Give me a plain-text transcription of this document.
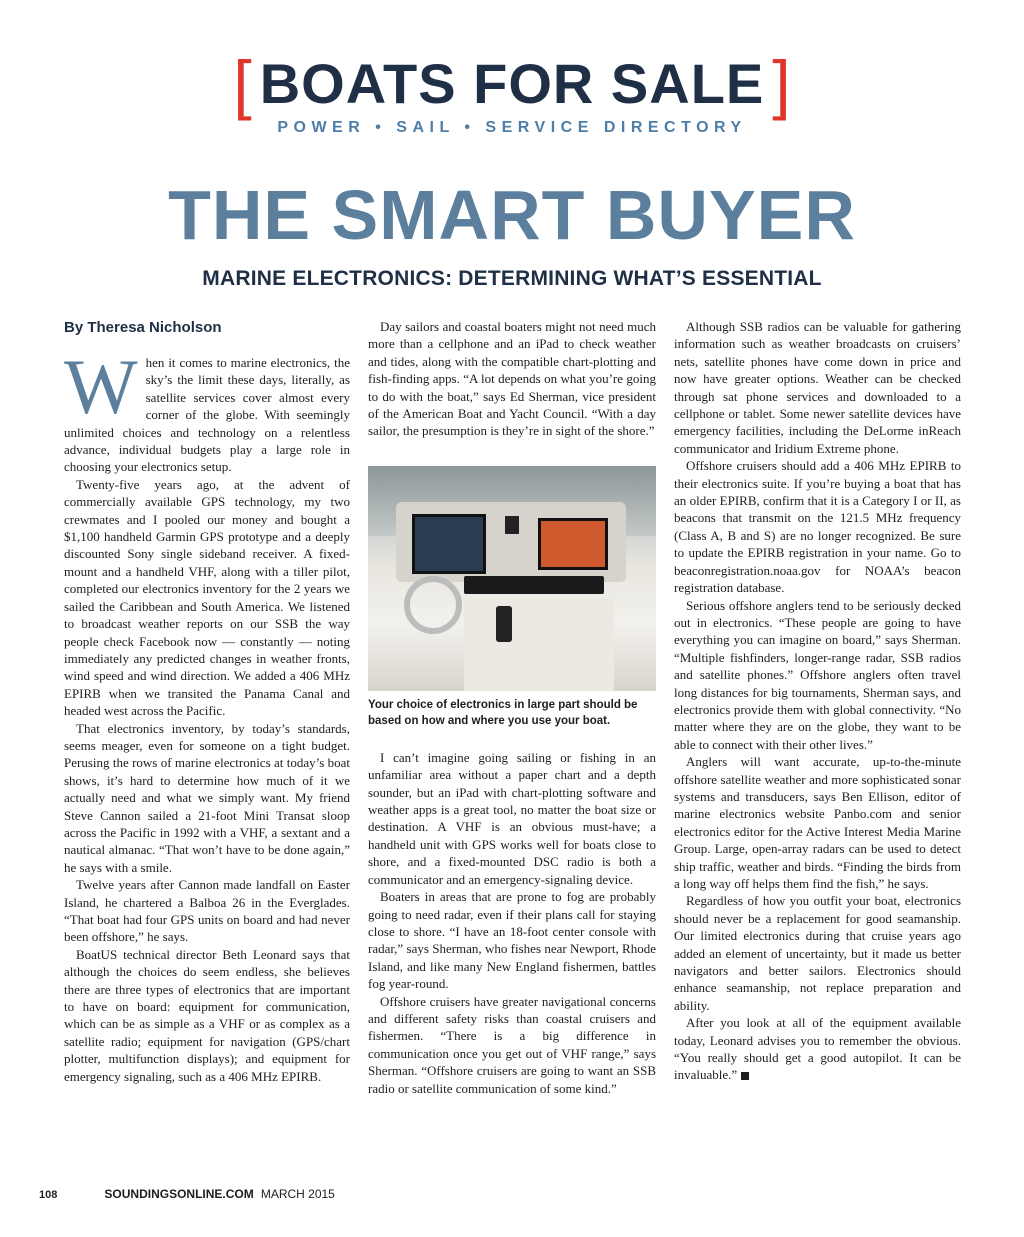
[ BOATS FOR SALE ]
POWER • SAIL • SERVICE DIRECTORY
THE SMART BUYER
MARINE ELECTRONICS: DETERMINING WHAT’S ESSENTIAL
By Theresa Nicholson

When it comes to marine electronics, the sky’s the limit these days, literally, as satellite services cover almost every corner of the globe. With seemingly unlimited choices and technology on a relentless advance, individual budgets play a large role in choosing your electronics setup.

Twenty-five years ago, at the advent of commercially available GPS technology, my two crewmates and I pooled our money and bought a $1,100 handheld Garmin GPS prototype and a deeply discounted Sony single sideband receiver. A fixed-mount and a handheld VHF, along with a tiller pilot, completed our electronics inventory for the 2 years we sailed the Caribbean and South America. We listened to broadcast weather reports on our SSB the way people check Facebook now — constantly — noting immediately any predicted changes in weather fronts, wind speed and wind direction. We added a 406 MHz EPIRB when we transited the Panama Canal and headed west across the Pacific.

That electronics inventory, by today’s standards, seems meager, even for someone on a tight budget. Perusing the rows of marine electronics at today’s boat shows, it’s hard to determine how much of it we actually need and what we simply want. My friend Steve Cannon sailed a 21-foot Mini Transat sloop across the Pacific in 1992 with a VHF, a sextant and a nautical almanac. “That won’t have to be done again,” he says with a smile.

Twelve years after Cannon made landfall on Easter Island, he chartered a Balboa 26 in the Everglades. “That boat had four GPS units on board and had never been offshore,” he says.

BoatUS technical director Beth Leonard says that although the choices do seem endless, she believes there are three types of electronics that are important to have on board: equipment for communication, which can be as simple as a VHF or as complex as a satellite radio; equipment for navigation (GPS/chart plotter, multifunction displays); and equipment for emergency signaling, such as a 406 MHz EPIRB.

Day sailors and coastal boaters might not need much more than a cellphone and an iPad to check weather and tides, along with the compatible chart-plotting and fish-finding apps. “A lot depends on what you’re going to do with the boat,” says Ed Sherman, vice president of the American Boat and Yacht Council. “With a day sailor, the presumption is they’re in sight of the shore.”

Your choice of electronics in large part should be based on how and where you use your boat.

I can’t imagine going sailing or fishing in an unfamiliar area without a paper chart and a depth sounder, but an iPad with chart-plotting software and weather apps is a great tool, no matter the boat size or destination. A VHF is an obvious must-have; a handheld unit with GPS works well for boats close to shore, and a fixed-mounted DSC radio is both a communicator and an emergency-signaling device.

Boaters in areas that are prone to fog are probably going to need radar, even if their plans call for staying close to shore. “I have an 18-foot center console with radar,” says Sherman, who fishes near Newport, Rhode Island, and like many New England fishermen, battles fog year-round.

Offshore cruisers have greater navigational concerns and different safety risks than coastal cruisers and fishermen. “There is a big difference in communication once you get out of VHF range,” says Sherman. “Offshore cruisers are going to want an SSB radio or satellite communication of some kind.”

Although SSB radios can be valuable for gathering information such as weather broadcasts on cruisers’ nets, satellite phones have come down in price and now have greater options. Weather can be checked through sat phone services and downloaded to a cellphone or tablet. Some newer satellite devices have emergency facilities, including the DeLorme inReach communicator and Iridium Extreme phone.

Offshore cruisers should add a 406 MHz EPIRB to their electronics suite. If you’re buying a boat that has an older EPIRB, confirm that it is a Category I or II, as beacons that transmit on the 121.5 MHz frequency (Class A, B and S) are no longer recognized. Be sure to update the EPIRB registration in your name. Go to beaconregistration.noaa.gov for NOAA’s beacon registration database.

Serious offshore anglers tend to be seriously decked out in electronics. “These people are going to have everything you can imagine on board,” says Sherman. “Multiple fishfinders, longer-range radar, SSB radios and satellite phones.” Offshore anglers often travel long distances for big tournaments, Sherman says, and electronics provide them with global connectivity. “No matter where they are on the globe, they want to be able to connect with their other lives.”

Anglers will want accurate, up-to-the-minute offshore satellite weather and more sophisticated sonar systems and transducers, says Ben Ellison, editor of marine electronics website Panbo.com and senior electronics editor for the Active Interest Media Marine Group. Large, open-array radars can be used to detect ship traffic, weather and birds. “Finding the birds from a long way off helps them find the fish,” he says.

Regardless of how you outfit your boat, electronics should never be a replacement for good seamanship. Our limited electronics during that cruise years ago added an element of uncertainty, but it made us better navigators and better sailors. Electronics should enhance seamanship, not replace preparation and ability.

After you look at all of the equipment available today, Leonard advises you to remember the obvious. “You really should get a good autopilot. It can be invaluable.”

108	SOUNDINGSONLINE.COM MARCH 2015
